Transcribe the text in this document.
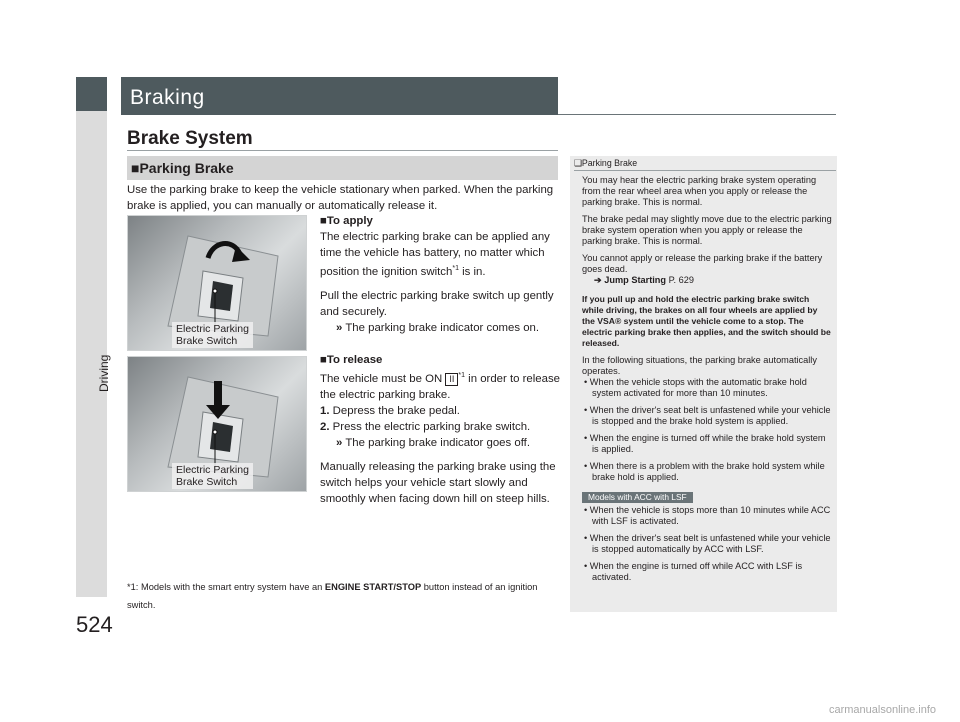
Driving
524
Braking
Brake System
■Parking Brake
Use the parking brake to keep the vehicle stationary when parked. When the parking brake is applied, you can manually or automatically release it.
■To apply
The electric parking brake can be applied any time the vehicle has battery, no matter which position the ignition switch$^{*1}$ is in.
Pull the electric parking brake switch up gently and securely.
» The parking brake indicator comes on.
■To release
The vehicle must be ON II $^{*1}$ in order to release the electric parking brake.
1. Depress the brake pedal.
2. Press the electric parking brake switch.
» The parking brake indicator goes off.
Manually releasing the parking brake using the switch helps your vehicle start slowly and smoothly when facing down hill on steep hills.
Electric Parking
Brake Switch
Electric Parking
Brake Switch
*1: Models with the smart entry system have an ENGINE START/STOP button instead of an ignition switch.
❑Parking Brake

You may hear the electric parking brake system operating from the rear wheel area when you apply or release the parking brake. This is normal.

The brake pedal may slightly move due to the electric parking brake system operation when you apply or release the parking brake. This is normal.

You cannot apply or release the parking brake if the battery goes dead.
➔ Jump Starting P. 629

If you pull up and hold the electric parking brake switch while driving, the brakes on all four wheels are applied by the VSA® system until the vehicle come to a stop. The electric parking brake then applies, and the switch should be released.

In the following situations, the parking brake automatically operates.

• When the vehicle stops with the automatic brake hold system activated for more than 10 minutes.

• When the driver's seat belt is unfastened while your vehicle is stopped and the brake hold system is applied.

• When the engine is turned off while the brake hold system is applied.

• When there is a problem with the brake hold system while brake hold is applied.

Models with ACC with LSF

• When the vehicle is stops more than 10 minutes while ACC with LSF is activated.

• When the driver's seat belt is unfastened while your vehicle is stopped automatically by ACC with LSF.

• When the engine is turned off while ACC with LSF is activated.

carmanualsonline.info
